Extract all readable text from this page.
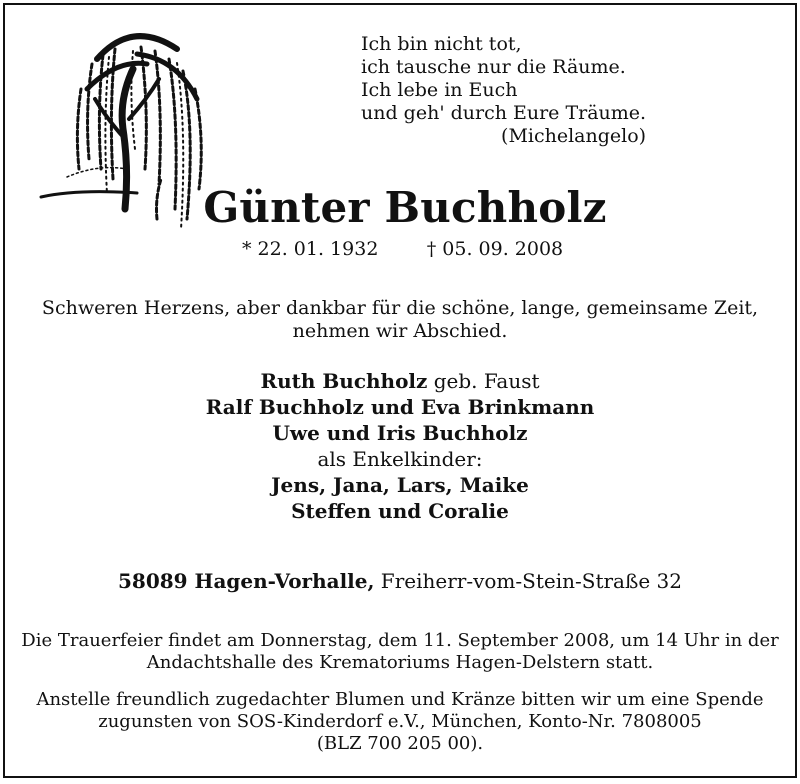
Ich bin nicht tot,
ich tausche nur die Räume.
Ich lebe in Euch
und geh' durch Eure Träume.
(Michelangelo)
Günter Buchholz
* 22. 01. 1932	† 05. 09. 2008
Schweren Herzens, aber dankbar für die schöne, lange, gemeinsame Zeit,
nehmen wir Abschied.
Ruth Buchholz geb. Faust
Ralf Buchholz und Eva Brinkmann
Uwe und Iris Buchholz
als Enkelkinder:
Jens, Jana, Lars, Maike
Steffen und Coralie
58089 Hagen-Vorhalle, Freiherr-vom-Stein-Straße 32
Die Trauerfeier findet am Donnerstag, dem 11. September 2008, um 14 Uhr in der
Andachtshalle des Krematoriums Hagen-Delstern statt.
Anstelle freundlich zugedachter Blumen und Kränze bitten wir um eine Spende
zugunsten von SOS-Kinderdorf e.V., München, Konto-Nr. 7808005
(BLZ 700 205 00).
